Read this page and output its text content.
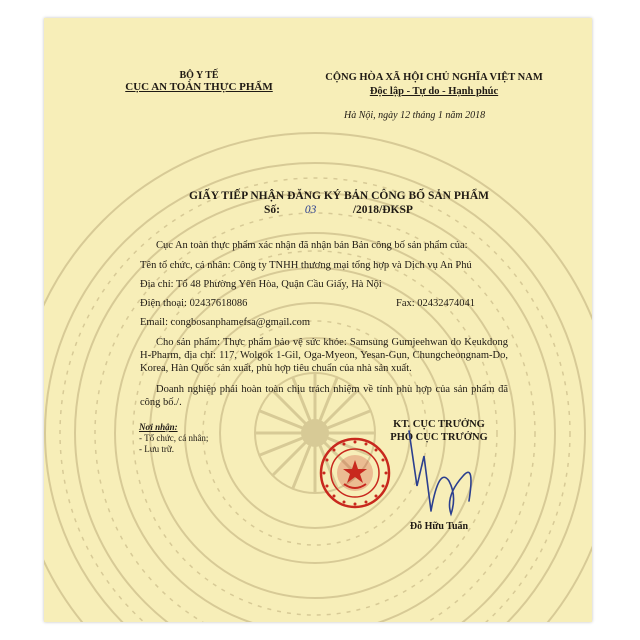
BỘ Y TẾ
CỤC AN TOÀN THỰC PHẨM
CỘNG HÒA XÃ HỘI CHỦ NGHĨA VIỆT NAM
Độc lập - Tự do - Hạnh phúc

Hà Nội, ngày 12 tháng 1 năm 2018

GIẤY TIẾP NHẬN ĐĂNG KÝ BẢN CÔNG BỐ SẢN PHẨM

Số: 03	/2018/ĐKSP

Cục An toàn thực phẩm xác nhận đã nhận bản Bản công bố sản phẩm của:

Tên tổ chức, cá nhân: Công ty TNHH thương mại tổng hợp và Dịch vụ An Phú

Địa chỉ: Tổ 48 Phường Yên Hòa, Quận Cầu Giấy, Hà Nội

Điện thoại: 02437618086	Fax: 02432474041

Email: congbosanphamefsa@gmail.com

Cho sản phẩm: Thực phẩm bảo vệ sức khỏe: Samsung Gumjeehwan do Keukdong H-Pharm, địa chỉ: 117, Wolgok 1-Gil, Oga-Myeon, Yesan-Gun, Chungcheongnam-Do, Korea, Hàn Quốc sản xuất, phù hợp tiêu chuẩn của nhà sản xuất.

Doanh nghiệp phải hoàn toàn chịu trách nhiệm về tính phù hợp của sản phẩm đã công bố./.

Nơi nhận:
- Tổ chức, cá nhân;
- Lưu trữ.
KT. CỤC TRƯỞNG
PHÓ CỤC TRƯỞNG

Đỗ Hữu Tuấn
